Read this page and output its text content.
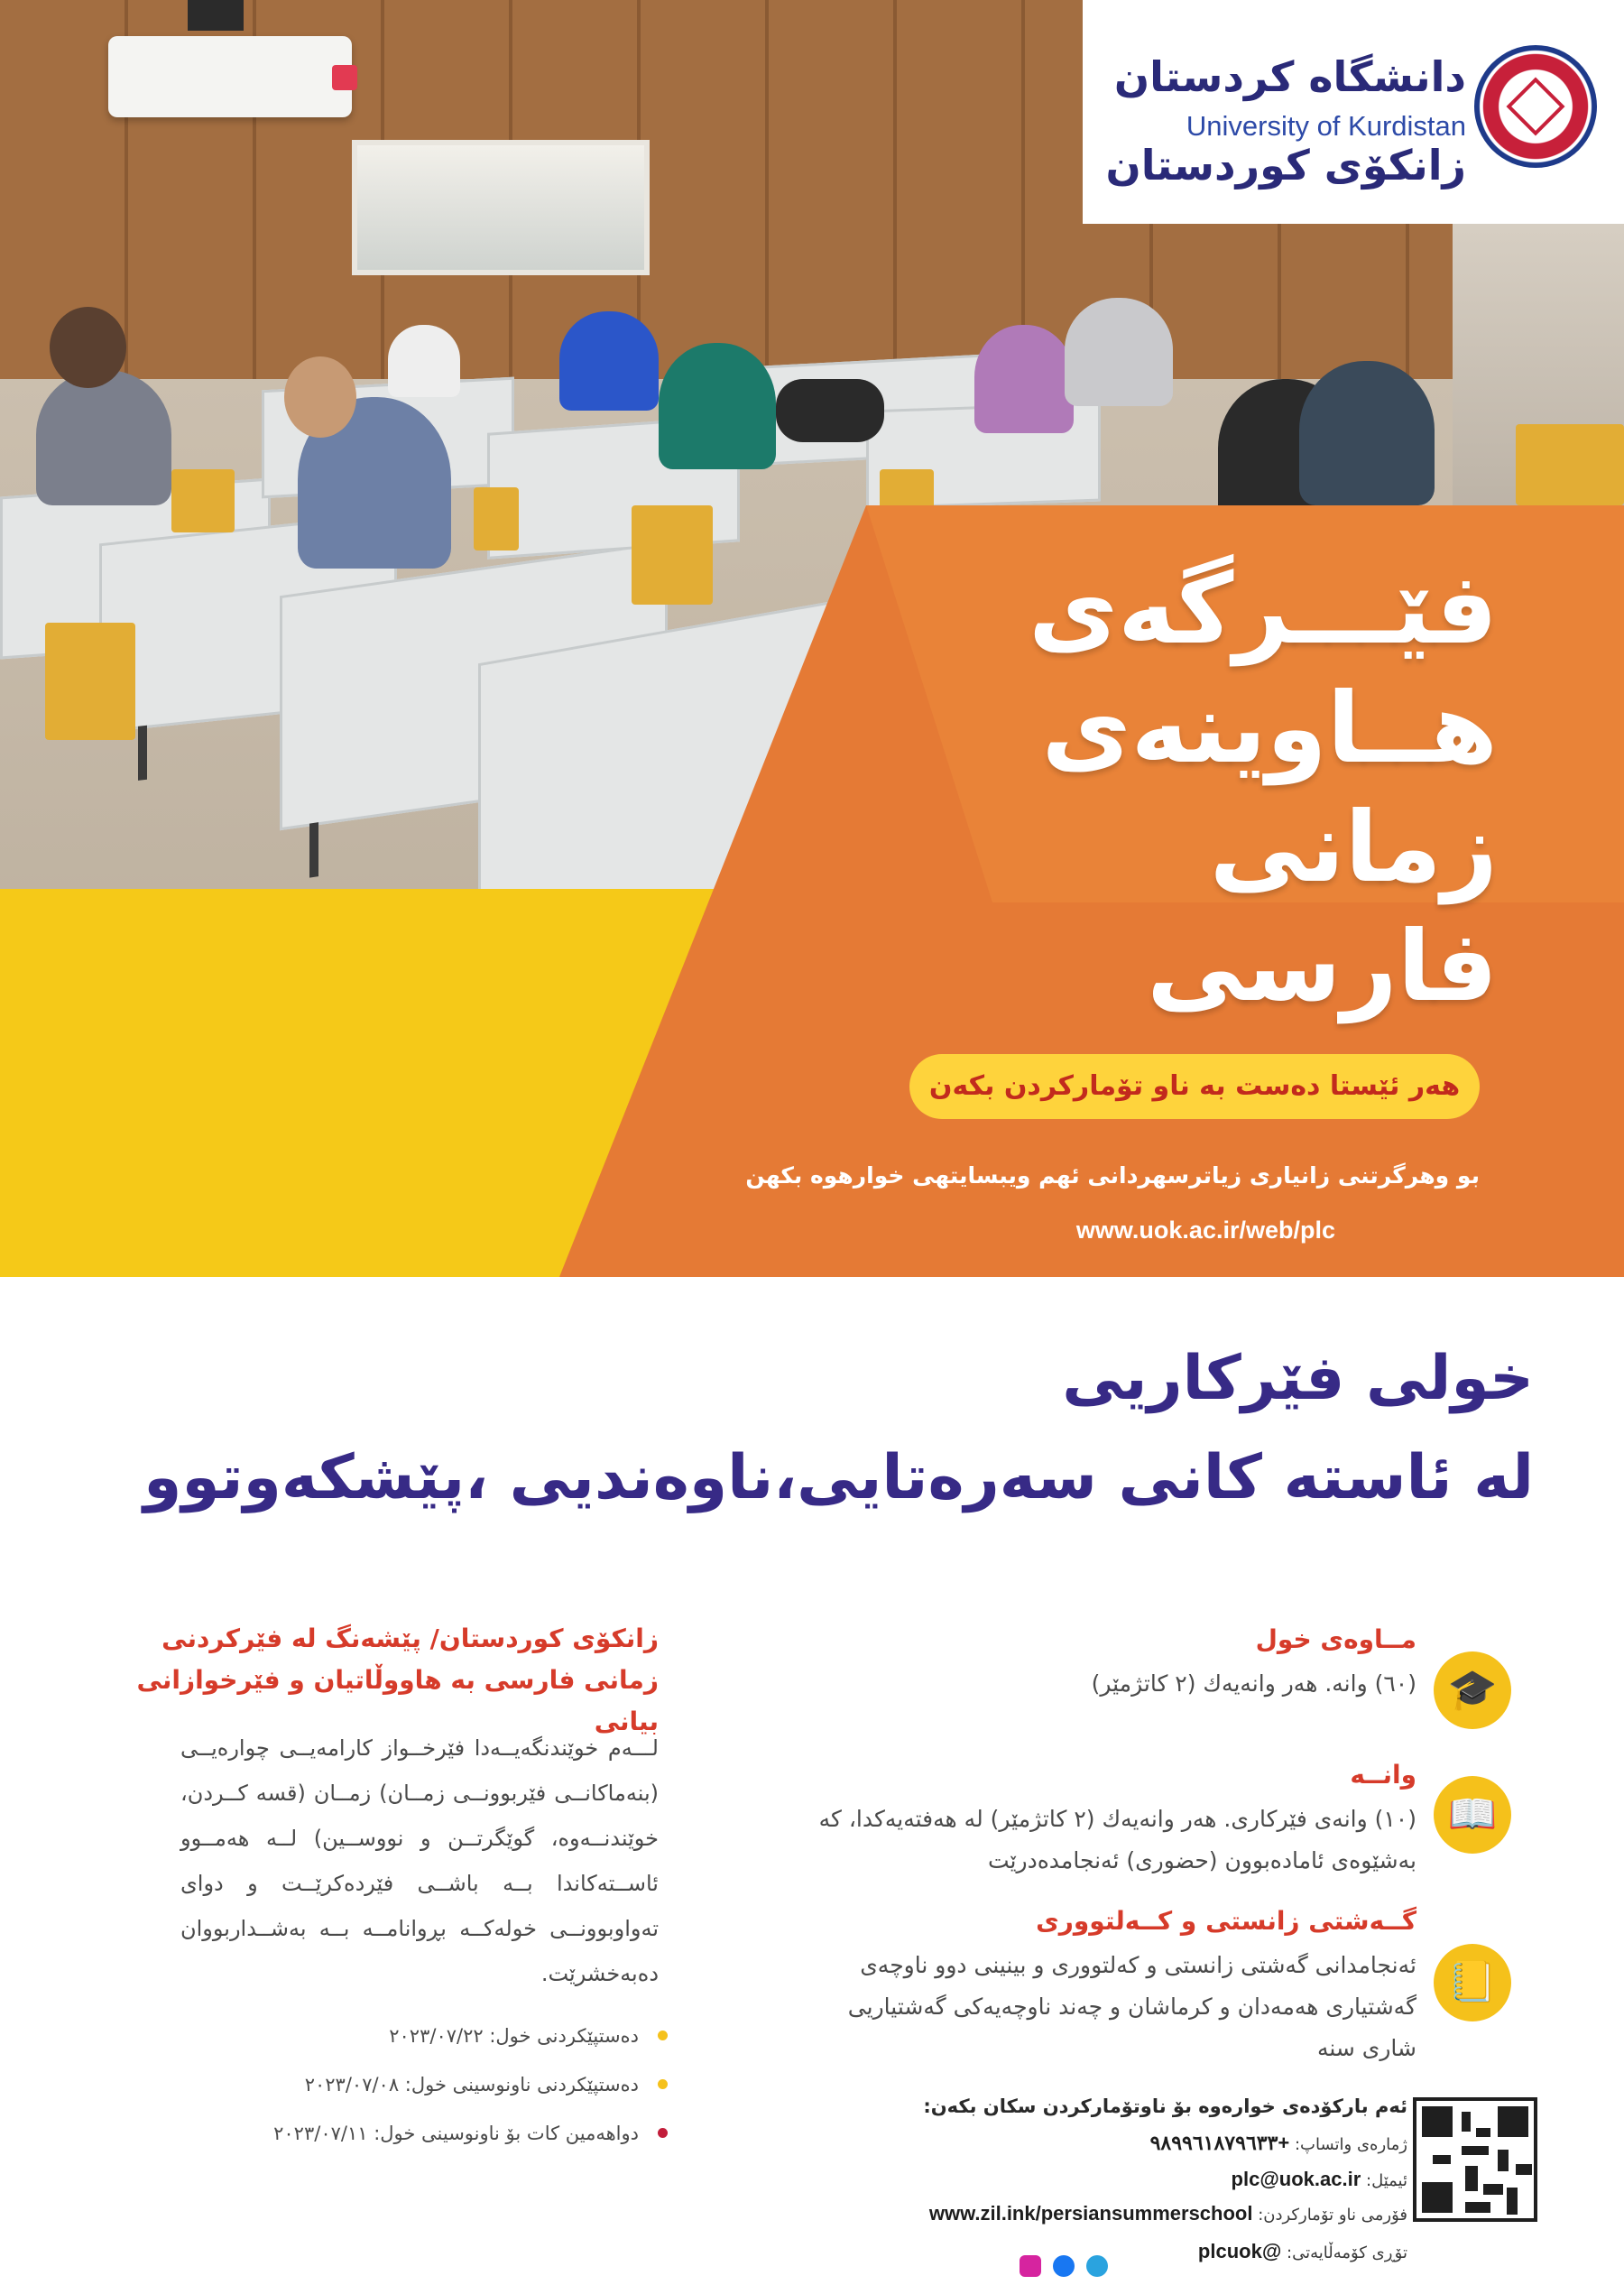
دانشگاه کردستان
University of Kurdistan
زانکۆی کوردستان
فێـــرگەی
هــاوینەی
زمانی فارسی
هەر ئێستا دەست بە ناو تۆمارکردن بکەن
بو وهرگرتنی زانیاری زیاترسهردانی ئهم ویبسایتهی خوارهوه بکهن
www.uok.ac.ir/web/plc
خولی فێرکاریی
لە ئاستە کانی سەرەتایی،ناوەندیی ،پێشکەوتوو
زانکۆی کوردستان/ پێشەنگ لە فێرکردنی
زمانی فارسی بە هاووڵاتیان و فێرخوازانی بیانی
لـــەم خوێندنگەیــەدا فێرخــواز کارامەیــی چوارەیــی (بنەماکانــی فێربوونــی زمــان) زمــان (قسە کــردن، خوێندنــەوە، گوێگرتــن و نووســین) لــە هەمــوو ئاســتەکاندا بــە باشــی فێردەکرێــت و دوای تەواوبوونــی خولەکــە بڕوانامــە بــە بەشــداربووان دەبەخشرێت.
دەستپێکردنی خول: ۲۰۲۳/۰۷/۲۲
دەستپێکردنی ناونوسینی خول: ۲۰۲۳/۰۷/۰۸
دواهەمین کات بۆ ناونوسینی خول: ۲۰۲۳/۰۷/۱۱
🎓
مــاوەی خول
(٦٠) وانە. هەر وانەیەك (٢ کاتژمێر)
📖
وانــە
(١٠) وانەی فێرکاری. هەر وانەیەك (٢ کاتژمێر) لە هەفتەیەکدا، کە بەشێوەی ئامادەبوون (حضوری) ئەنجامدەدرێت
📒
گــەشتی زانستی و کــەلتووری
ئەنجامدانی گەشتی زانستی و کەلتووری و بینینی دوو ناوچەی گەشتیاری هەمەدان و کرماشان و چەند ناوچەیەکی گەشتیاریی شاری سنە
ئەم بارکۆدەی خوارەوە بۆ ناوتۆمارکردن سکان بکەن:
ژمارەی واتساپ: +٩٨٩٩٦١٨٧٩٦٣٣
ئیمێل: plc@uok.ac.ir
فۆرمی ناو تۆمارکردن: www.zil.ink/persiansummerschool
تۆڕی کۆمەڵایەتی: @plcuok
